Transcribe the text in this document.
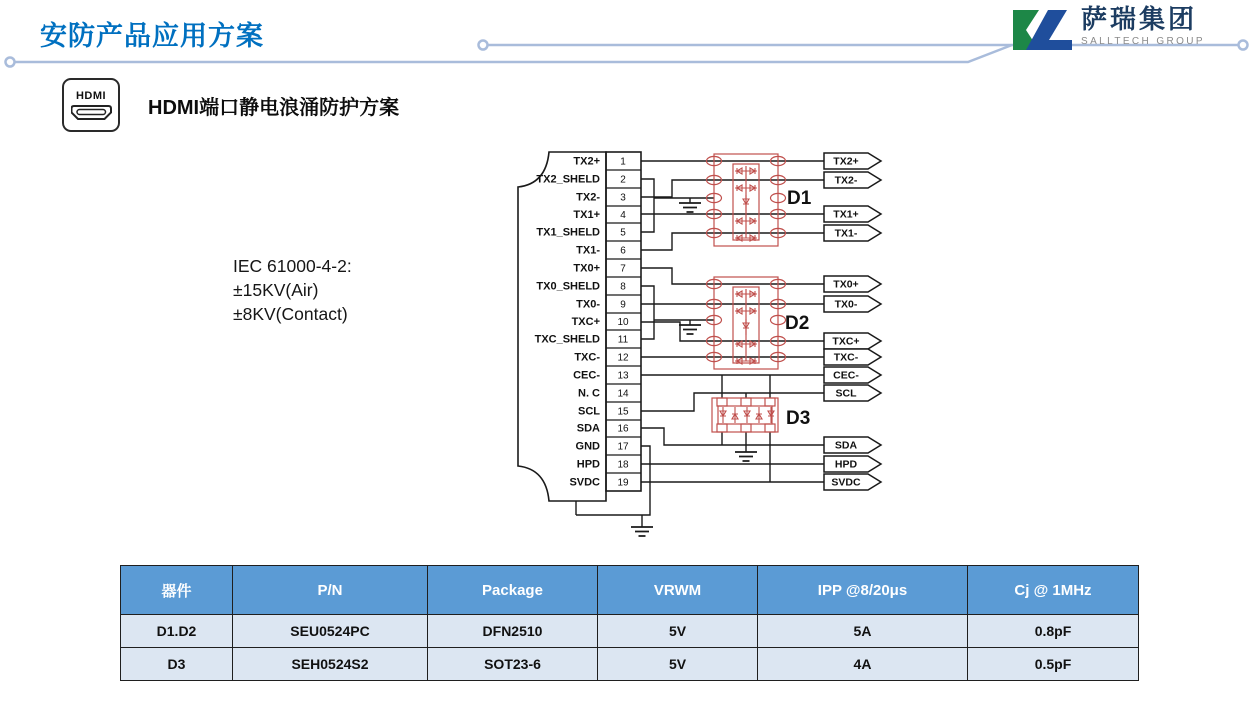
安防产品应用方案
萨瑞集团
SALLTECH GROUP
HDMI
HDMI端口静电浪涌防护方案
IEC 61000-4-2:
±15KV(Air)
±8KV(Contact)
1
2
3
4
5
6
7
8
9
10
11
12
13
14
15
16
17
18
19
TX2+
TX2_SHELD
TX2-
TX1+
TX1_SHELD
TX1-
TX0+
TX0_SHELD
TX0-
TXC+
TXC_SHELD
TXC-
CEC-
N. C
SCL
SDA
GND
HPD
SVDC
D1
D2
D3
TX2+
TX2-
TX1+
TX1-
TX0+
TX0-
TXC+
TXC-
CEC-
SCL
SDA
HPD
SVDC
器件	P/N	Package	VRWM	IPP @8/20μs	Cj @ 1MHz
D1.D2	SEU0524PC	DFN2510	5V	5A	0.8pF
D3	SEH0524S2	SOT23-6	5V	4A	0.5pF
